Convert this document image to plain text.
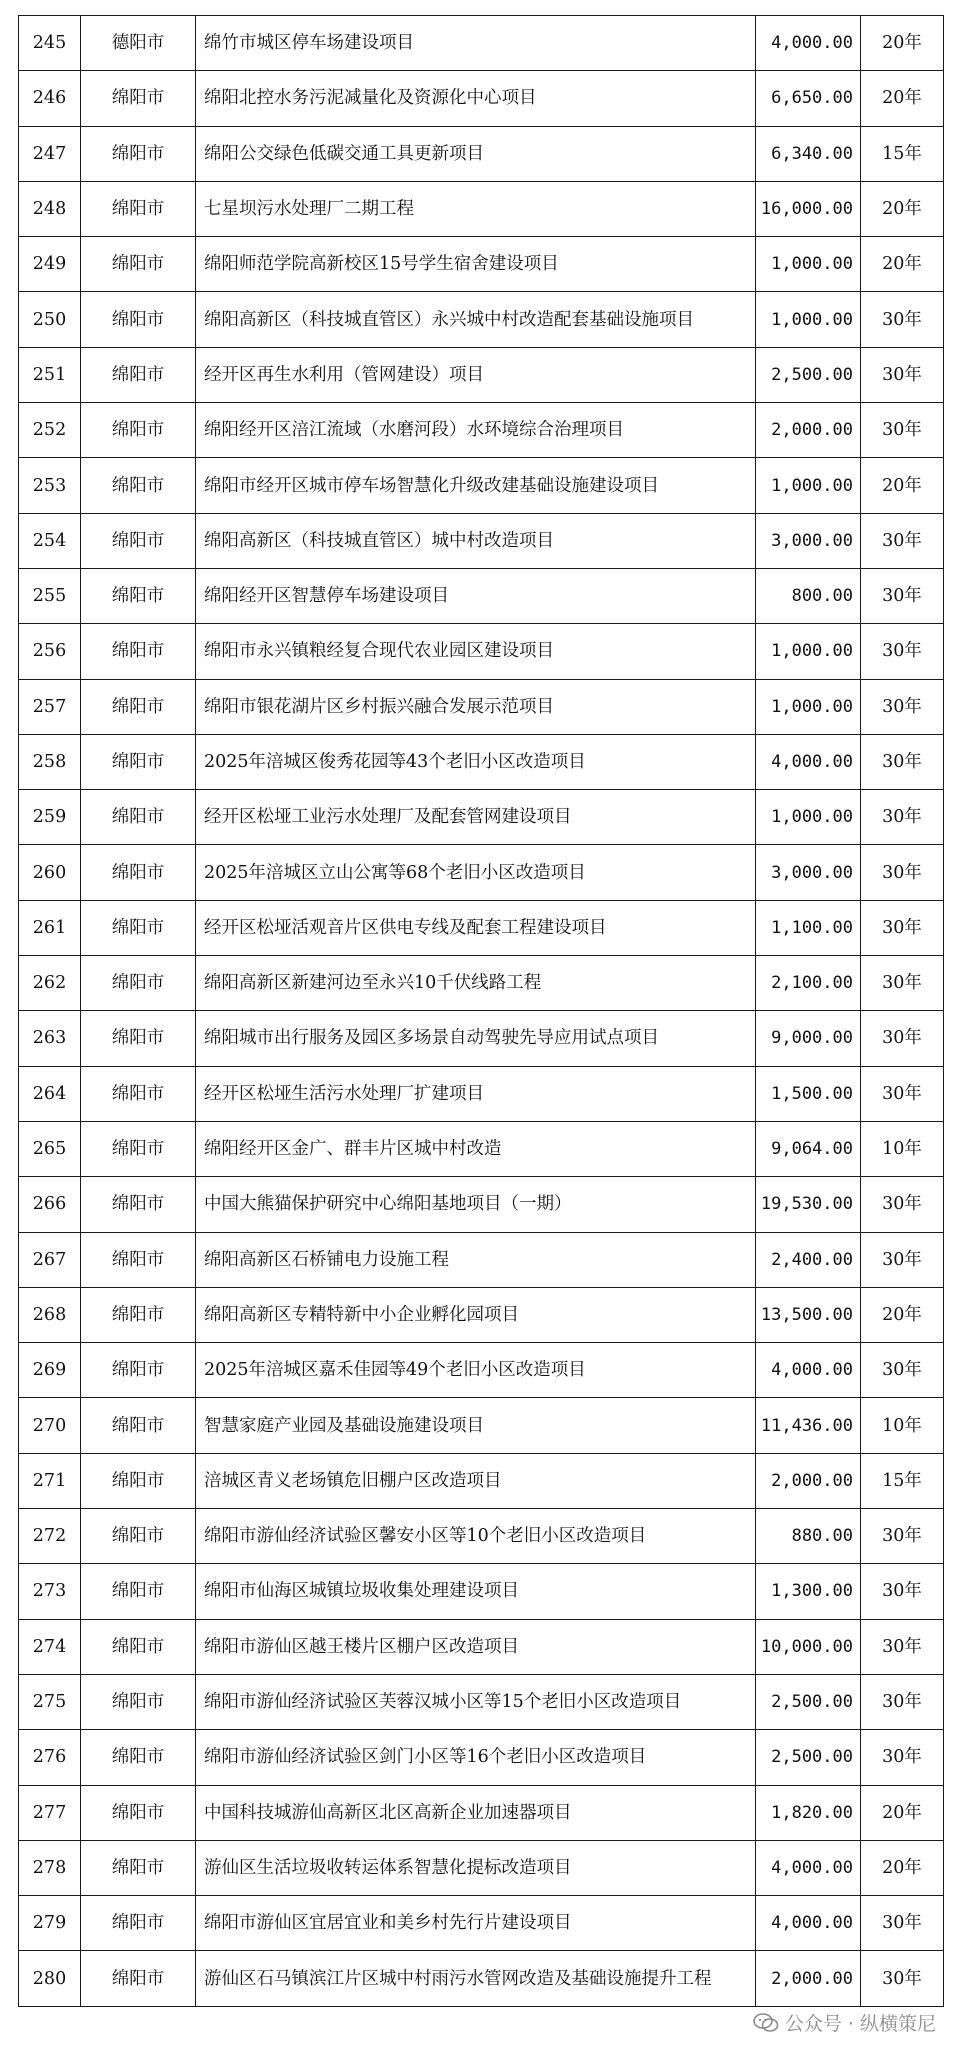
245	德阳市	绵竹市城区停车场建设项目	4,000.00	20年
246	绵阳市	绵阳北控水务污泥减量化及资源化中心项目	6,650.00	20年
247	绵阳市	绵阳公交绿色低碳交通工具更新项目	6,340.00	15年
248	绵阳市	七星坝污水处理厂二期工程	16,000.00	20年
249	绵阳市	绵阳师范学院高新校区15号学生宿舍建设项目	1,000.00	20年
250	绵阳市	绵阳高新区（科技城直管区）永兴城中村改造配套基础设施项目	1,000.00	30年
251	绵阳市	经开区再生水利用（管网建设）项目	2,500.00	30年
252	绵阳市	绵阳经开区涪江流域（水磨河段）水环境综合治理项目	2,000.00	30年
253	绵阳市	绵阳市经开区城市停车场智慧化升级改建基础设施建设项目	1,000.00	20年
254	绵阳市	绵阳高新区（科技城直管区）城中村改造项目	3,000.00	30年
255	绵阳市	绵阳经开区智慧停车场建设项目	800.00	30年
256	绵阳市	绵阳市永兴镇粮经复合现代农业园区建设项目	1,000.00	30年
257	绵阳市	绵阳市银花湖片区乡村振兴融合发展示范项目	1,000.00	30年
258	绵阳市	2025年涪城区俊秀花园等43个老旧小区改造项目	4,000.00	30年
259	绵阳市	经开区松垭工业污水处理厂及配套管网建设项目	1,000.00	30年
260	绵阳市	2025年涪城区立山公寓等68个老旧小区改造项目	3,000.00	30年
261	绵阳市	经开区松垭活观音片区供电专线及配套工程建设项目	1,100.00	30年
262	绵阳市	绵阳高新区新建河边至永兴10千伏线路工程	2,100.00	30年
263	绵阳市	绵阳城市出行服务及园区多场景自动驾驶先导应用试点项目	9,000.00	30年
264	绵阳市	经开区松垭生活污水处理厂扩建项目	1,500.00	30年
265	绵阳市	绵阳经开区金广、群丰片区城中村改造	9,064.00	10年
266	绵阳市	中国大熊猫保护研究中心绵阳基地项目（一期）	19,530.00	30年
267	绵阳市	绵阳高新区石桥铺电力设施工程	2,400.00	30年
268	绵阳市	绵阳高新区专精特新中小企业孵化园项目	13,500.00	20年
269	绵阳市	2025年涪城区嘉禾佳园等49个老旧小区改造项目	4,000.00	30年
270	绵阳市	智慧家庭产业园及基础设施建设项目	11,436.00	10年
271	绵阳市	涪城区青义老场镇危旧棚户区改造项目	2,000.00	15年
272	绵阳市	绵阳市游仙经济试验区馨安小区等10个老旧小区改造项目	880.00	30年
273	绵阳市	绵阳市仙海区城镇垃圾收集处理建设项目	1,300.00	30年
274	绵阳市	绵阳市游仙区越王楼片区棚户区改造项目	10,000.00	30年
275	绵阳市	绵阳市游仙经济试验区芙蓉汉城小区等15个老旧小区改造项目	2,500.00	30年
276	绵阳市	绵阳市游仙经济试验区剑门小区等16个老旧小区改造项目	2,500.00	30年
277	绵阳市	中国科技城游仙高新区北区高新企业加速器项目	1,820.00	20年
278	绵阳市	游仙区生活垃圾收转运体系智慧化提标改造项目	4,000.00	20年
279	绵阳市	绵阳市游仙区宜居宜业和美乡村先行片建设项目	4,000.00	30年
280	绵阳市	游仙区石马镇滨江片区城中村雨污水管网改造及基础设施提升工程	2,000.00	30年
公众号 · 纵横策尼
